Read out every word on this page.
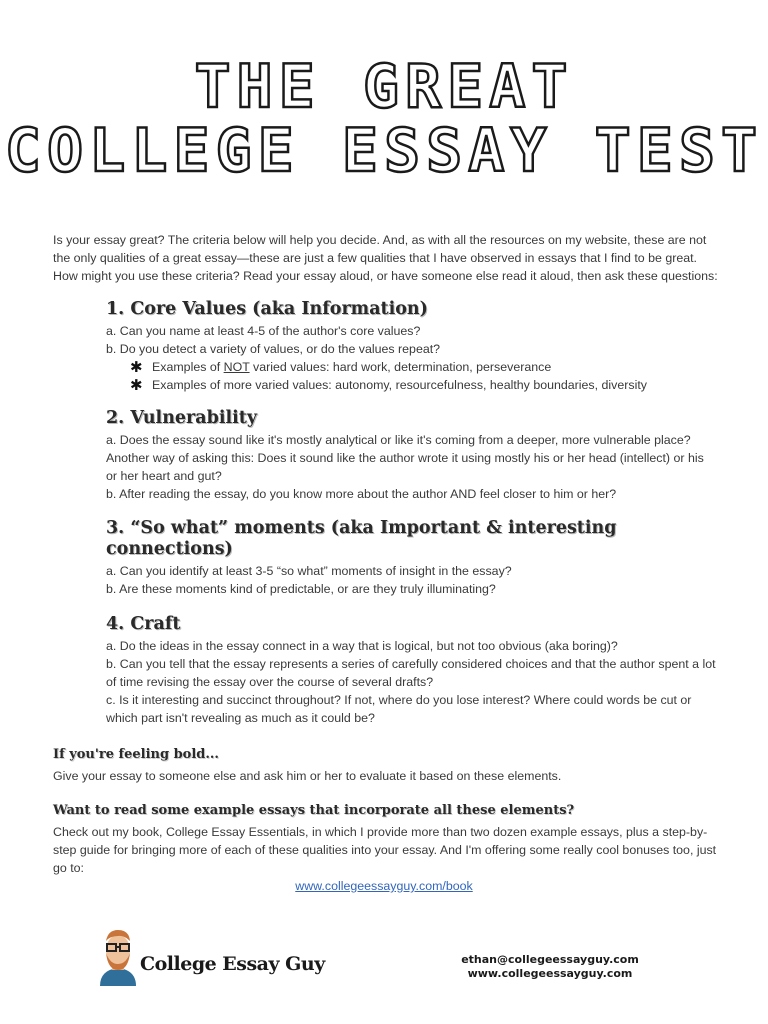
THE GREAT
COLLEGE ESSAY TEST

Is your essay great? The criteria below will help you decide. And, as with all the resources on my website, these are not the only qualities of a great essay—these are just a few qualities that I have observed in essays that I find to be great. How might you use these criteria? Read your essay aloud, or have someone else read it aloud, then ask these questions:

1. Core Values (aka Information)

a. Can you name at least 4-5 of the author's core values?

b. Do you detect a variety of values, or do the values repeat?

✱ Examples of NOT varied values: hard work, determination, perseverance

✱ Examples of more varied values: autonomy, resourcefulness, healthy boundaries, diversity

2. Vulnerability

a. Does the essay sound like it's mostly analytical or like it's coming from a deeper, more vulnerable place? Another way of asking this: Does it sound like the author wrote it using mostly his or her head (intellect) or his or her heart and gut?

b. After reading the essay, do you know more about the author AND feel closer to him or her?

3. “So what” moments (aka Important & interesting connections)

a. Can you identify at least 3-5 “so what” moments of insight in the essay?

b. Are these moments kind of predictable, or are they truly illuminating?

4. Craft

a. Do the ideas in the essay connect in a way that is logical, but not too obvious (aka boring)?

b. Can you tell that the essay represents a series of carefully considered choices and that the author spent a lot of time revising the essay over the course of several drafts?

c. Is it interesting and succinct throughout? If not, where do you lose interest? Where could words be cut or which part isn't revealing as much as it could be?

If you're feeling bold...

Give your essay to someone else and ask him or her to evaluate it based on these elements.

Want to read some example essays that incorporate all these elements?

Check out my book, College Essay Essentials, in which I provide more than two dozen example essays, plus a step-by-step guide for bringing more of each of these qualities into your essay. And I'm offering some really cool bonuses too, just go to:

www.collegeessayguy.com/book
College Essay Guy	ethan@collegeessayguy.com
www.collegeessayguy.com
